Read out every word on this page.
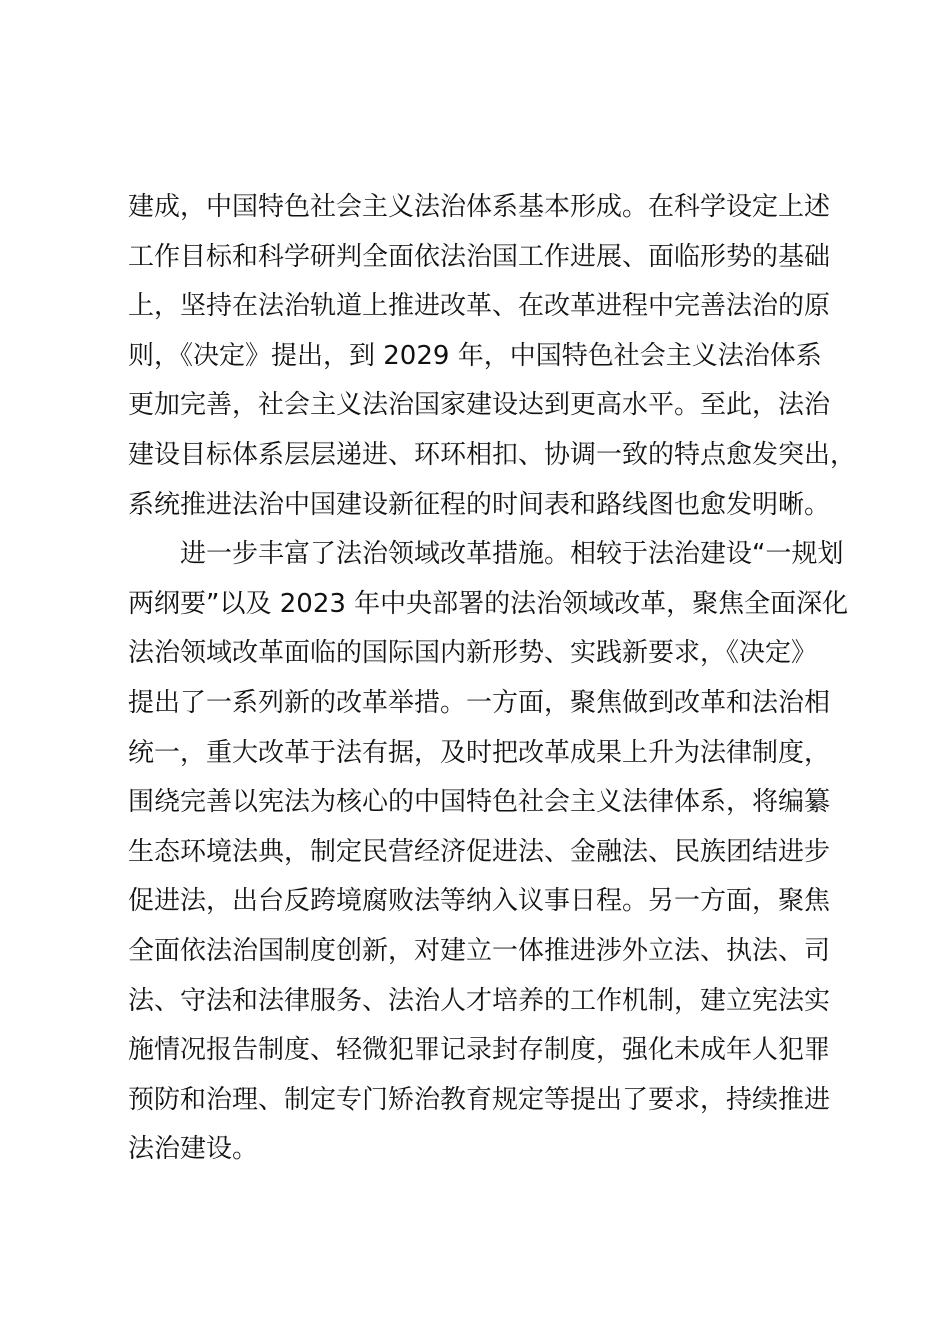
建成，中国特色社会主义法治体系基本形成。在科学设定上述
工作目标和科学研判全面依法治国工作进展、面临形势的基础
上，坚持在法治轨道上推进改革、在改革进程中完善法治的原
则，《决定》提出，到 2029 年，中国特色社会主义法治体系
更加完善，社会主义法治国家建设达到更高水平。至此，法治
建设目标体系层层递进、环环相扣、协调一致的特点愈发突出，
系统推进法治中国建设新征程的时间表和路线图也愈发明晰。
进一步丰富了法治领域改革措施。相较于法治建设“一规划
两纲要”以及 2023 年中央部署的法治领域改革，聚焦全面深化
法治领域改革面临的国际国内新形势、实践新要求，《决定》
提出了一系列新的改革举措。一方面，聚焦做到改革和法治相
统一，重大改革于法有据，及时把改革成果上升为法律制度，
围绕完善以宪法为核心的中国特色社会主义法律体系，将编纂
生态环境法典，制定民营经济促进法、金融法、民族团结进步
促进法，出台反跨境腐败法等纳入议事日程。另一方面，聚焦
全面依法治国制度创新，对建立一体推进涉外立法、执法、司
法、守法和法律服务、法治人才培养的工作机制，建立宪法实
施情况报告制度、轻微犯罪记录封存制度，强化未成年人犯罪
预防和治理、制定专门矫治教育规定等提出了要求，持续推进
法治建设。
